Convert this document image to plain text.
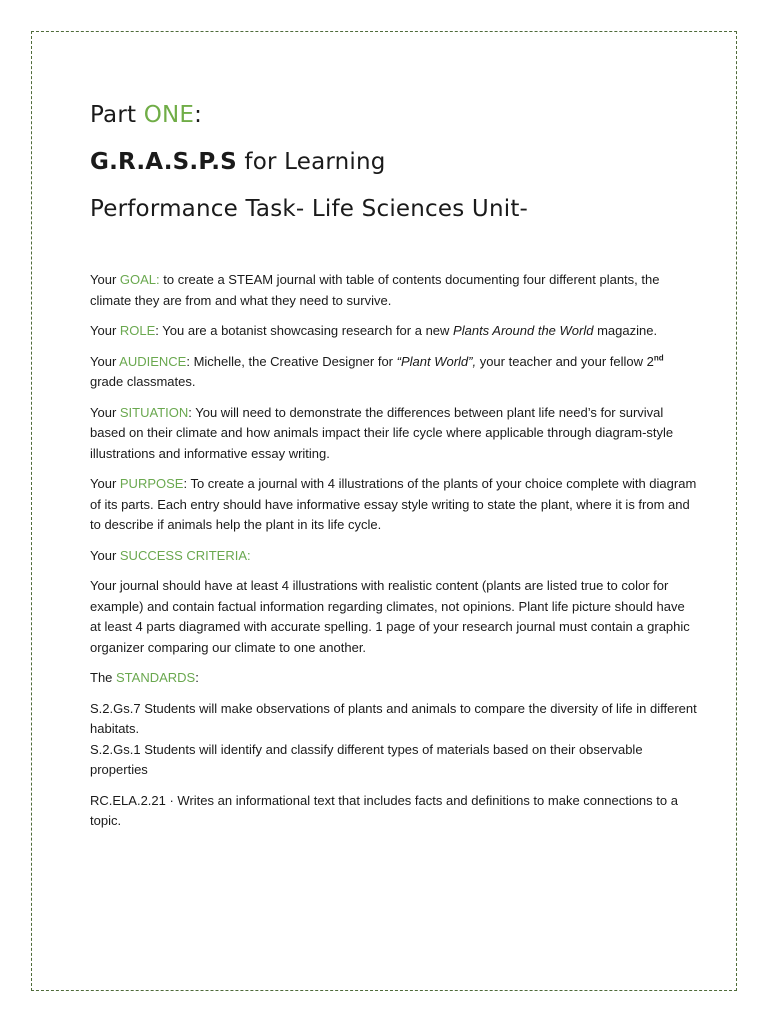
Part ONE:
G.R.A.S.P.S for Learning
Performance Task- Life Sciences Unit-

Your GOAL: to create a STEAM journal with table of contents documenting four different plants, the climate they are from and what they need to survive.

Your ROLE: You are a botanist showcasing research for a new Plants Around the World magazine.

Your AUDIENCE: Michelle, the Creative Designer for “Plant World”, your teacher and your fellow 2nd grade classmates.

Your SITUATION: You will need to demonstrate the differences between plant life need’s for survival based on their climate and how animals impact their life cycle where applicable through diagram-style illustrations and informative essay writing.

Your PURPOSE: To create a journal with 4 illustrations of the plants of your choice complete with diagram of its parts. Each entry should have informative essay style writing to state the plant, where it is from and to describe if animals help the plant in its life cycle.

Your SUCCESS CRITERIA:

Your journal should have at least 4 illustrations with realistic content (plants are listed true to color for example) and contain factual information regarding climates, not opinions. Plant life picture should have at least 4 parts diagramed with accurate spelling. 1 page of your research journal must contain a graphic organizer comparing our climate to one another.

The STANDARDS:

S.2.Gs.7 Students will make observations of plants and animals to compare the diversity of life in different habitats.

S.2.Gs.1 Students will identify and classify different types of materials based on their observable properties

RC.ELA.2.21 · Writes an informational text that includes facts and definitions to make connections to a topic.
